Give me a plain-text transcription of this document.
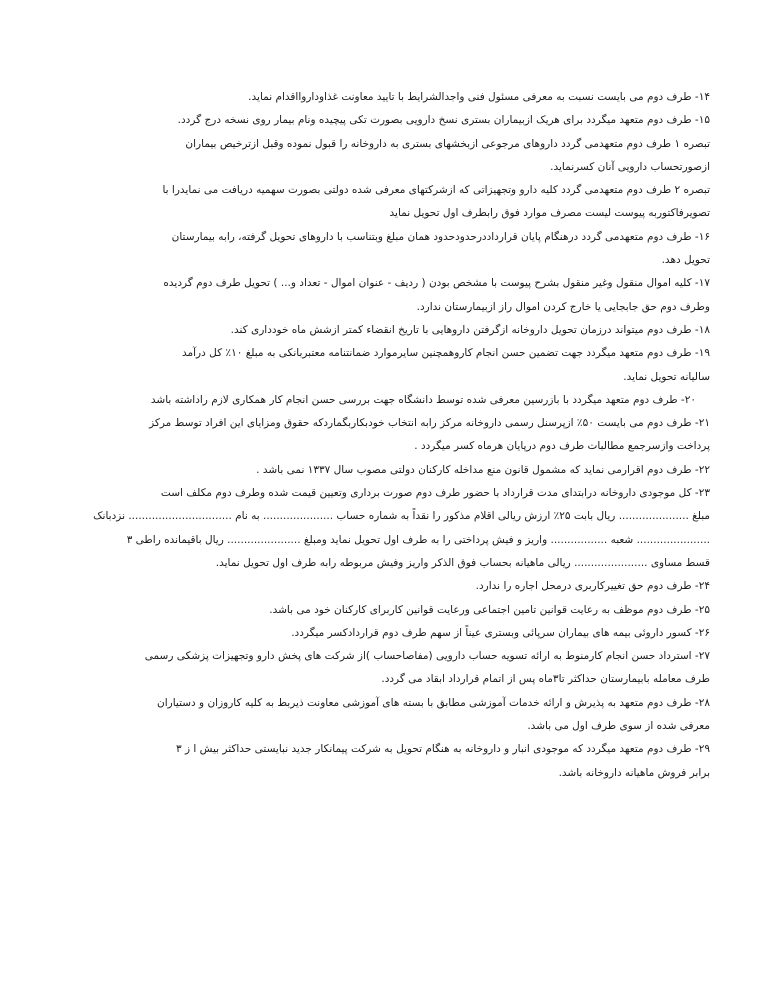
۱۴- طرف دوم می بایست نسبت به معرفی مسئول فنی واجدالشرایط با تایید معاونت غذاوداروااقدام نماید.
۱۵- طرف دوم متعهد میگردد برای هریک ازبیماران بستری نسخ دارویی بصورت تکی پیچیده ونام بیمار روی نسخه درج گردد.
تبصره ۱ طرف دوم متعهدمی گردد داروهای مرجوعی ازبخشهای بستری به داروخانه را قبول نموده وقبل ازترخیص بیماران
ازصورتحساب دارویی آنان کسرنماید.
تبصره ۲ طرف دوم متعهدمی گردد کلیه دارو وتجهیزاتی که ازشرکتهای معرفی شده دولتی بصورت سهمیه دریافت می نمایدرا با
تصویرفاکتوربه پیوست لیست مصرف موارد فوق رابطرف اول تحویل نماید
۱۶- طرف دوم متعهدمی گردد درهنگام پایان قرارداددرحدودحدود همان مبلغ وبتناسب با داروهای تحویل گرفته، رابه بیمارستان
تحویل دهد.
۱۷- کلیه اموال منقول وغیر منقول بشرح پیوست با مشخص بودن ( ردیف - عنوان اموال - تعداد و... ) تحویل طرف دوم گردیده
وطرف دوم حق جابجایی یا خارج کردن اموال راز ازبیمارستان ندارد.
۱۸- طرف دوم میتواند درزمان تحویل داروخانه ازگرفتن داروهایی با تاریخ انقضاء کمتر ازشش ماه خودداری کند.
۱۹- طرف دوم متعهد میگردد جهت تضمین حسن انجام کاروهمچنین سایرموارد ضمانتنامه معتبربانکی به مبلغ ۱۰٪ کل درآمد
سالیانه تحویل نماید.
۲۰- طرف دوم متعهد میگردد با بازرسین معرفی شده توسط دانشگاه جهت بررسی حسن انجام کار همکاری لازم راداشته باشد
۲۱- طرف دوم می بایست ۵۰٪ ازپرسنل رسمی داروخانه مرکز رابه انتخاب خودبکاربگماردکه حقوق ومزایای این افراد توسط مرکز
پرداخت وازسرجمع مطالبات طرف دوم درپایان هرماه کسر میگردد .
۲۲- طرف دوم اقرارمی نماید که مشمول قانون منع مداخله کارکنان دولتی مصوب سال ۱۳۳۷ نمی باشد .
۲۳- کل موجودی داروخانه درابتدای مدت قرارداد با حضور طرف دوم صورت برداری وتعیین قیمت شده وطرف دوم مکلف است
مبلغ ..................... ریال بابت ۲۵٪ ارزش ریالی اقلام مذکور را نقداً به شماره حساب ..................... به نام ............................... نزدبانک
...................... شعبه ................. واریز و فیش پرداختی را به طرف اول تحویل نماید ومبلغ ...................... ریال باقیمانده راطی ۳
قسط مساوی ...................... ریالی ماهیانه بحساب فوق الذکر واریز وفیش مربوطه رابه طرف اول تحویل نماید.
۲۴- طرف دوم حق تغییرکاربری درمحل اجاره را ندارد.
۲۵- طرف دوم موظف به رعایت قوانین تامین اجتماعی ورعایت قوانین کاربرای کارکنان خود می باشد.
۲۶- کسور داروئی بیمه های بیماران سرپائی وبستری عیناً از سهم طرف دوم قراردادکسر میگردد.
۲۷- استرداد حسن انجام کارمنوط به ارائه تسویه حساب دارویی (مفاصاحساب )از شرکت های پخش دارو وتجهیزات پزشکی رسمی
طرف معامله بابیمارستان حداکثر تا۳ماه پس از اتمام قرارداد ابقاد می گردد.
۲۸- طرف دوم متعهد به پذیرش و ارائه خدمات آموزشی مطابق با بسته های آموزشی معاونت ذیربط به کلیه کاروزان و دستیاران
معرفی شده از سوی طرف اول می باشد.
۲۹- طرف دوم متعهد میگردد که موجودی انبار و داروخانه به هنگام تحویل به شرکت پیمانکار جدید نبایستی حداکثر بیش ا ز ۳
برابر فروش ماهیانه داروخانه باشد.
